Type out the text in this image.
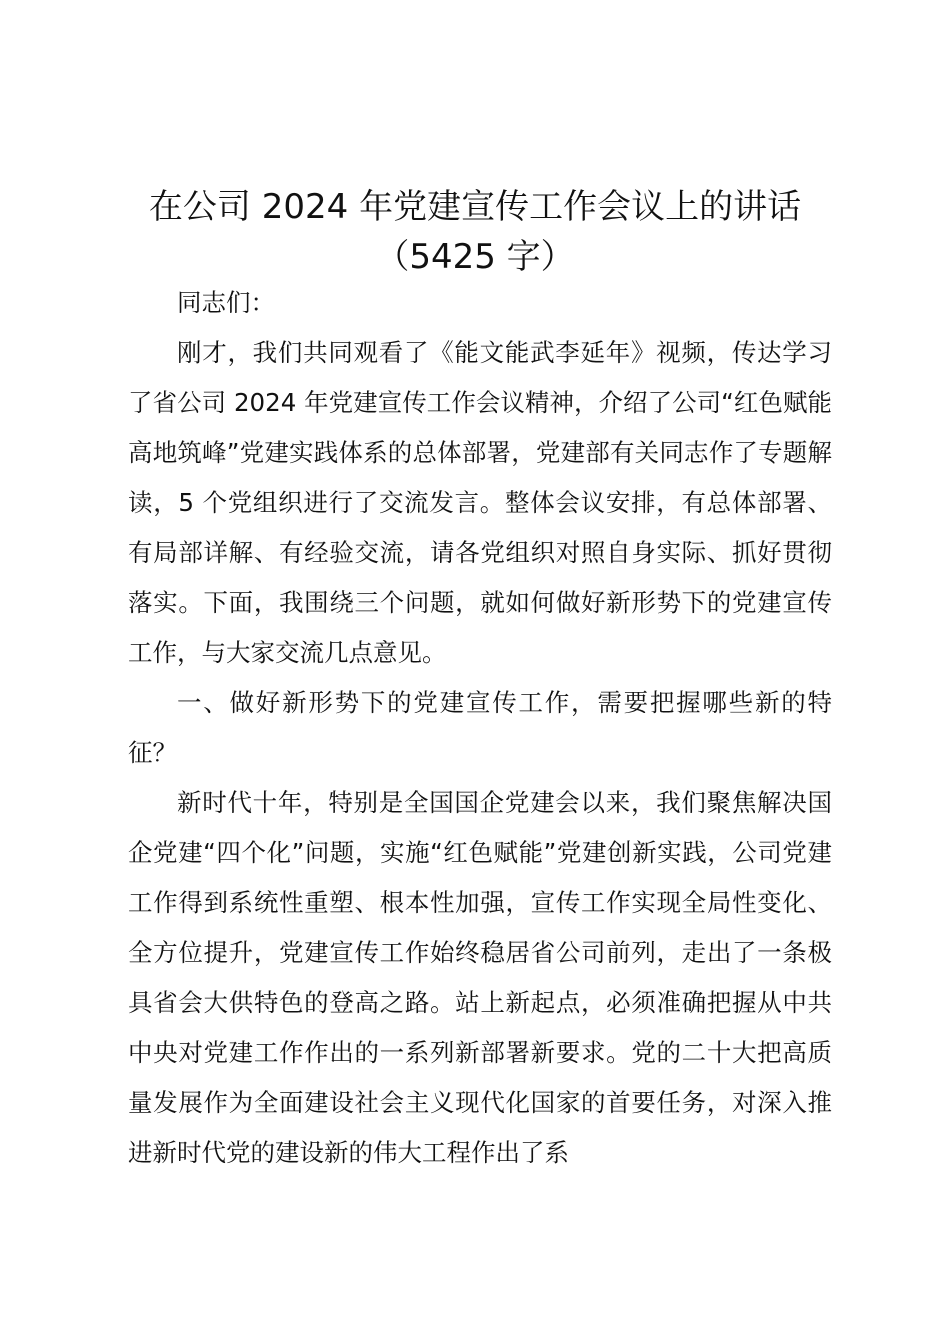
在公司 2024 年党建宣传工作会议上的讲话
（5425 字）

同志们：

刚才，我们共同观看了《能文能武李延年》视频，传达学习了省公司 2024 年党建宣传工作会议精神，介绍了公司“红色赋能高地筑峰”党建实践体系的总体部署，党建部有关同志作了专题解读，5 个党组织进行了交流发言。整体会议安排，有总体部署、有局部详解、有经验交流，请各党组织对照自身实际、抓好贯彻落实。下面，我围绕三个问题，就如何做好新形势下的党建宣传工作，与大家交流几点意见。

一、做好新形势下的党建宣传工作，需要把握哪些新的特征？

新时代十年，特别是全国国企党建会以来，我们聚焦解决国企党建“四个化”问题，实施“红色赋能”党建创新实践，公司党建工作得到系统性重塑、根本性加强，宣传工作实现全局性变化、全方位提升，党建宣传工作始终稳居省公司前列，走出了一条极具省会大供特色的登高之路。站上新起点，必须准确把握从中共中央对党建工作作出的一系列新部署新要求。党的二十大把高质量发展作为全面建设社会主义现代化国家的首要任务，对深入推进新时代党的建设新的伟大工程作出了系
